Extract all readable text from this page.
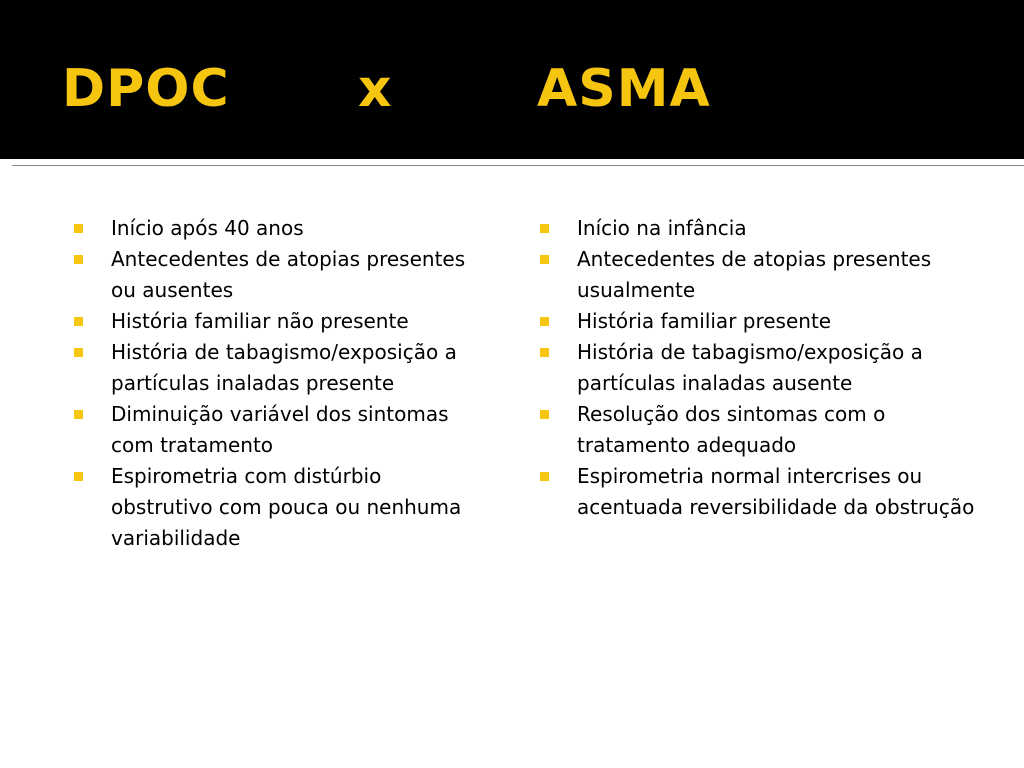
DPOC x	ASMA
Início após 40 anos
Antecedentes de atopias presentes ou ausentes
História familiar não presente
História de tabagismo/exposição a partículas inaladas presente
Diminuição variável dos sintomas com tratamento
Espirometria com distúrbio obstrutivo com pouca ou nenhuma variabilidade
Início na infância
Antecedentes de atopias presentes usualmente
História familiar presente
História de tabagismo/exposição a partículas inaladas ausente
Resolução dos sintomas com o tratamento adequado
Espirometria normal intercrises ou acentuada reversibilidade da obstrução
